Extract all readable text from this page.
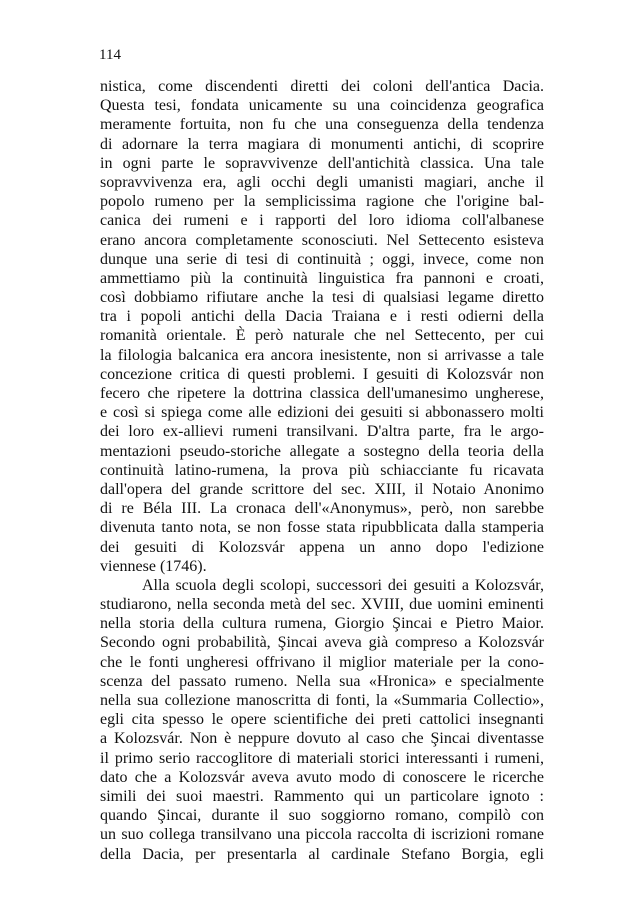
114
nistica, come discendenti diretti dei coloni dell'antica Dacia.
Questa tesi, fondata unicamente su una coincidenza geografica
meramente fortuita, non fu che una conseguenza della tendenza
di adornare la terra magiara di monumenti antichi, di scoprire
in ogni parte le sopravvivenze dell'antichità classica. Una tale
sopravvivenza era, agli occhi degli umanisti magiari, anche il
popolo rumeno per la semplicissima ragione che l'origine bal-
canica dei rumeni e i rapporti del loro idioma coll'albanese
erano ancora completamente sconosciuti. Nel Settecento esisteva
dunque una serie di tesi di continuità ; oggi, invece, come non
ammettiamo più la continuità linguistica fra pannoni e croati,
così dobbiamo rifiutare anche la tesi di qualsiasi legame diretto
tra i popoli antichi della Dacia Traiana e i resti odierni della
romanità orientale. È però naturale che nel Settecento, per cui
la filologia balcanica era ancora inesistente, non si arrivasse a tale
concezione critica di questi problemi. I gesuiti di Kolozsvár non
fecero che ripetere la dottrina classica dell'umanesimo ungherese,
e così si spiega come alle edizioni dei gesuiti si abbonassero molti
dei loro ex-allievi rumeni transilvani. D'altra parte, fra le argo-
mentazioni pseudo-storiche allegate a sostegno della teoria della
continuità latino-rumena, la prova più schiacciante fu ricavata
dall'opera del grande scrittore del sec. XIII, il Notaio Anonimo
di re Béla III. La cronaca dell'«Anonymus», però, non sarebbe
divenuta tanto nota, se non fosse stata ripubblicata dalla stamperia
dei gesuiti di Kolozsvár appena un anno dopo l'edizione
viennese (1746).
Alla scuola degli scolopi, successori dei gesuiti a Kolozsvár,
studiarono, nella seconda metà del sec. XVIII, due uomini eminenti
nella storia della cultura rumena, Giorgio Şincai e Pietro Maior.
Secondo ogni probabilità, Şincai aveva già compreso a Kolozsvár
che le fonti ungheresi offrivano il miglior materiale per la cono-
scenza del passato rumeno. Nella sua «Hronica» e specialmente
nella sua collezione manoscritta di fonti, la «Summaria Collectio»,
egli cita spesso le opere scientifiche dei preti cattolici insegnanti
a Kolozsvár. Non è neppure dovuto al caso che Şincai diventasse
il primo serio raccoglitore di materiali storici interessanti i rumeni,
dato che a Kolozsvár aveva avuto modo di conoscere le ricerche
simili dei suoi maestri. Rammento qui un particolare ignoto :
quando Şincai, durante il suo soggiorno romano, compilò con
un suo collega transilvano una piccola raccolta di iscrizioni romane
della Dacia, per presentarla al cardinale Stefano Borgia, egli
